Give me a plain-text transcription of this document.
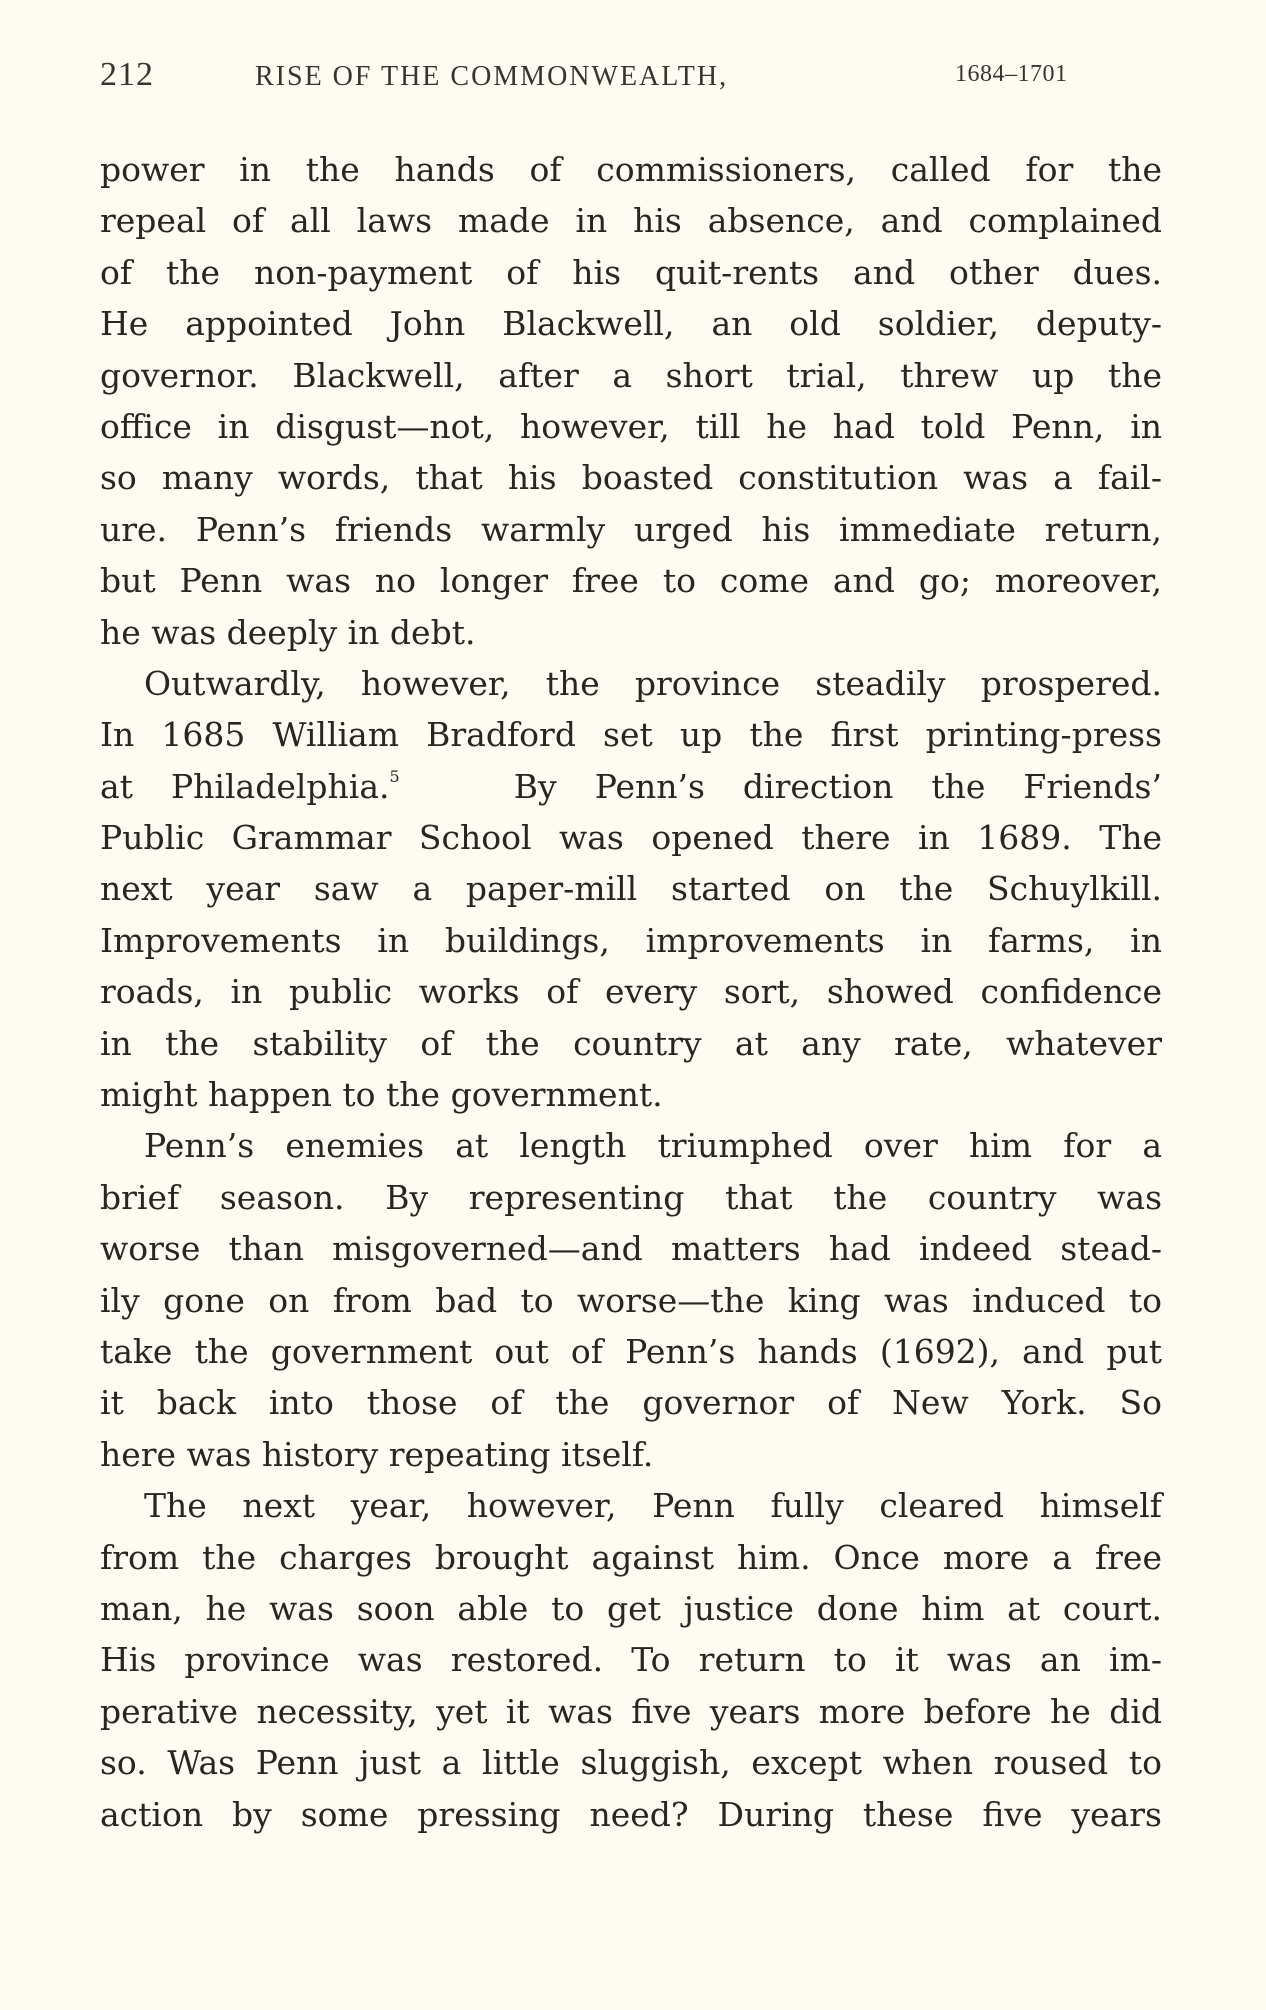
212	RISE OF THE COMMONWEALTH,	1684–1701

power in the hands of commissioners, called for the
repeal of all laws made in his absence, and complained
of the non-payment of his quit-rents and other dues.
He appointed John Blackwell, an old soldier, deputy-
governor. Blackwell, after a short trial, threw up the
office in disgust—not, however, till he had told Penn, in
so many words, that his boasted constitution was a fail-
ure. Penn’s friends warmly urged his immediate return,
but Penn was no longer free to come and go; moreover,
he was deeply in debt.

Outwardly, however, the province steadily prospered.
In 1685 William Bradford set up the first printing-press
at Philadelphia.$^5$	By Penn’s direction the Friends’
Public Grammar School was opened there in 1689. The
next year saw a paper-mill started on the Schuylkill.
Improvements in buildings, improvements in farms, in
roads, in public works of every sort, showed confidence
in the stability of the country at any rate, whatever
might happen to the government.

Penn’s enemies at length triumphed over him for a
brief season. By representing that the country was
worse than misgoverned—and matters had indeed stead-
ily gone on from bad to worse—the king was induced to
take the government out of Penn’s hands (1692), and put
it back into those of the governor of New York. So
here was history repeating itself.

The next year, however, Penn fully cleared himself
from the charges brought against him. Once more a free
man, he was soon able to get justice done him at court.
His province was restored. To return to it was an im-
perative necessity, yet it was five years more before he did
so. Was Penn just a little sluggish, except when roused to
action by some pressing need? During these five years
